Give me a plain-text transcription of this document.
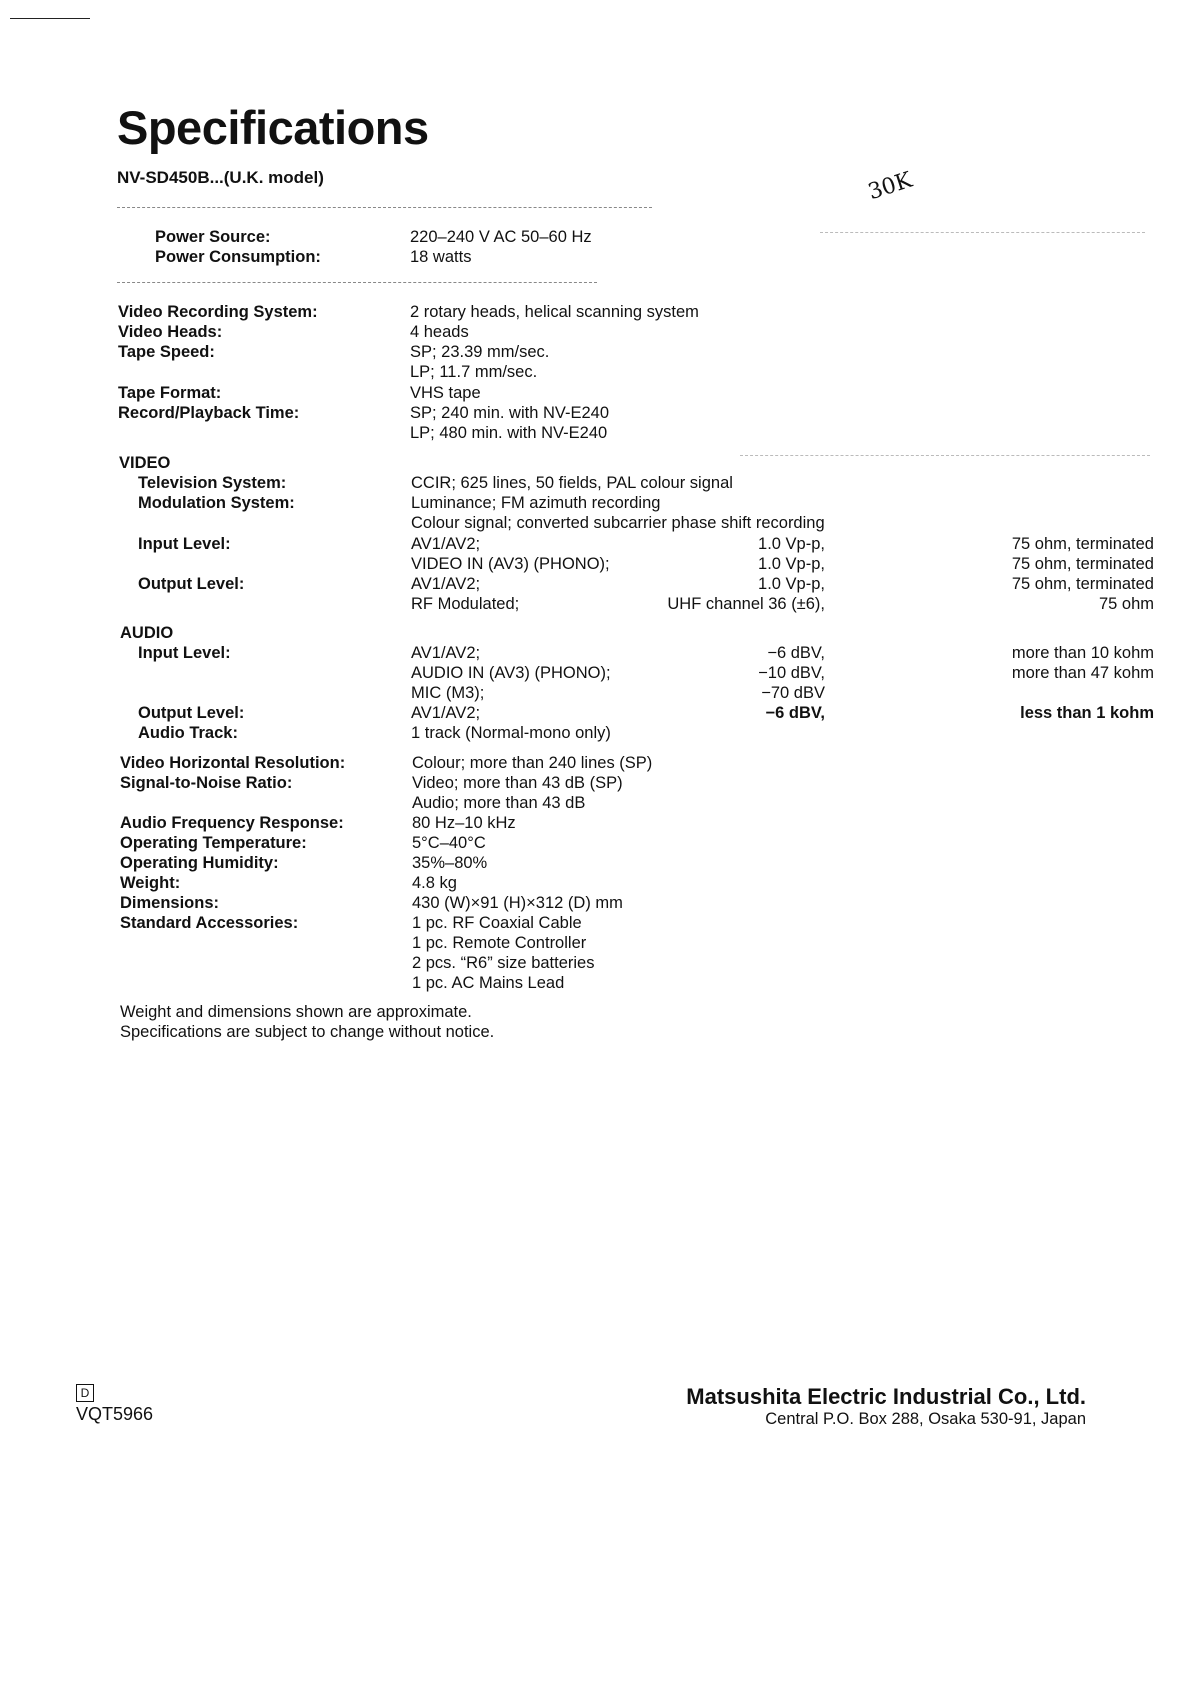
Specifications
NV-SD450B...(U.K. model)	30K
Power Source:	220–240 V AC 50–60 Hz
Power Consumption:	18 watts
Video Recording System:	2 rotary heads, helical scanning system
Video Heads:	4 heads
Tape Speed:	SP; 23.39 mm/sec.
LP; 11.7 mm/sec.
Tape Format:	VHS tape
Record/Playback Time:	SP; 240 min. with NV-E240
LP; 480 min. with NV-E240
VIDEO
Television System:	CCIR; 625 lines, 50 fields, PAL colour signal
Modulation System:	Luminance; FM azimuth recording
Colour signal; converted subcarrier phase shift recording
Input Level:	AV1/AV2;	1.0 Vp-p,	75 ohm, terminated
VIDEO IN (AV3) (PHONO);	1.0 Vp-p,	75 ohm, terminated
Output Level:	AV1/AV2;	1.0 Vp-p,	75 ohm, terminated
RF Modulated;	UHF channel 36 (±6),	75 ohm
AUDIO
Input Level:	AV1/AV2;	−6 dBV,	more than 10 kohm
AUDIO IN (AV3) (PHONO);	−10 dBV,	more than 47 kohm
MIC (M3);	−70 dBV
Output Level:	AV1/AV2;	−6 dBV,	less than 1 kohm
Audio Track:	1 track (Normal-mono only)
Video Horizontal Resolution:	Colour; more than 240 lines (SP)
Signal-to-Noise Ratio:	Video; more than 43 dB (SP)
Audio; more than 43 dB
Audio Frequency Response:	80 Hz–10 kHz
Operating Temperature:	5°C–40°C
Operating Humidity:	35%–80%
Weight:	4.8 kg
Dimensions:	430 (W)×91 (H)×312 (D) mm
Standard Accessories:	1 pc. RF Coaxial Cable
1 pc. Remote Controller
2 pcs. “R6” size batteries
1 pc. AC Mains Lead
Weight and dimensions shown are approximate.
Specifications are subject to change without notice.
D
VQT5966
Matsushita Electric Industrial Co., Ltd.
Central P.O. Box 288, Osaka 530-91, Japan
